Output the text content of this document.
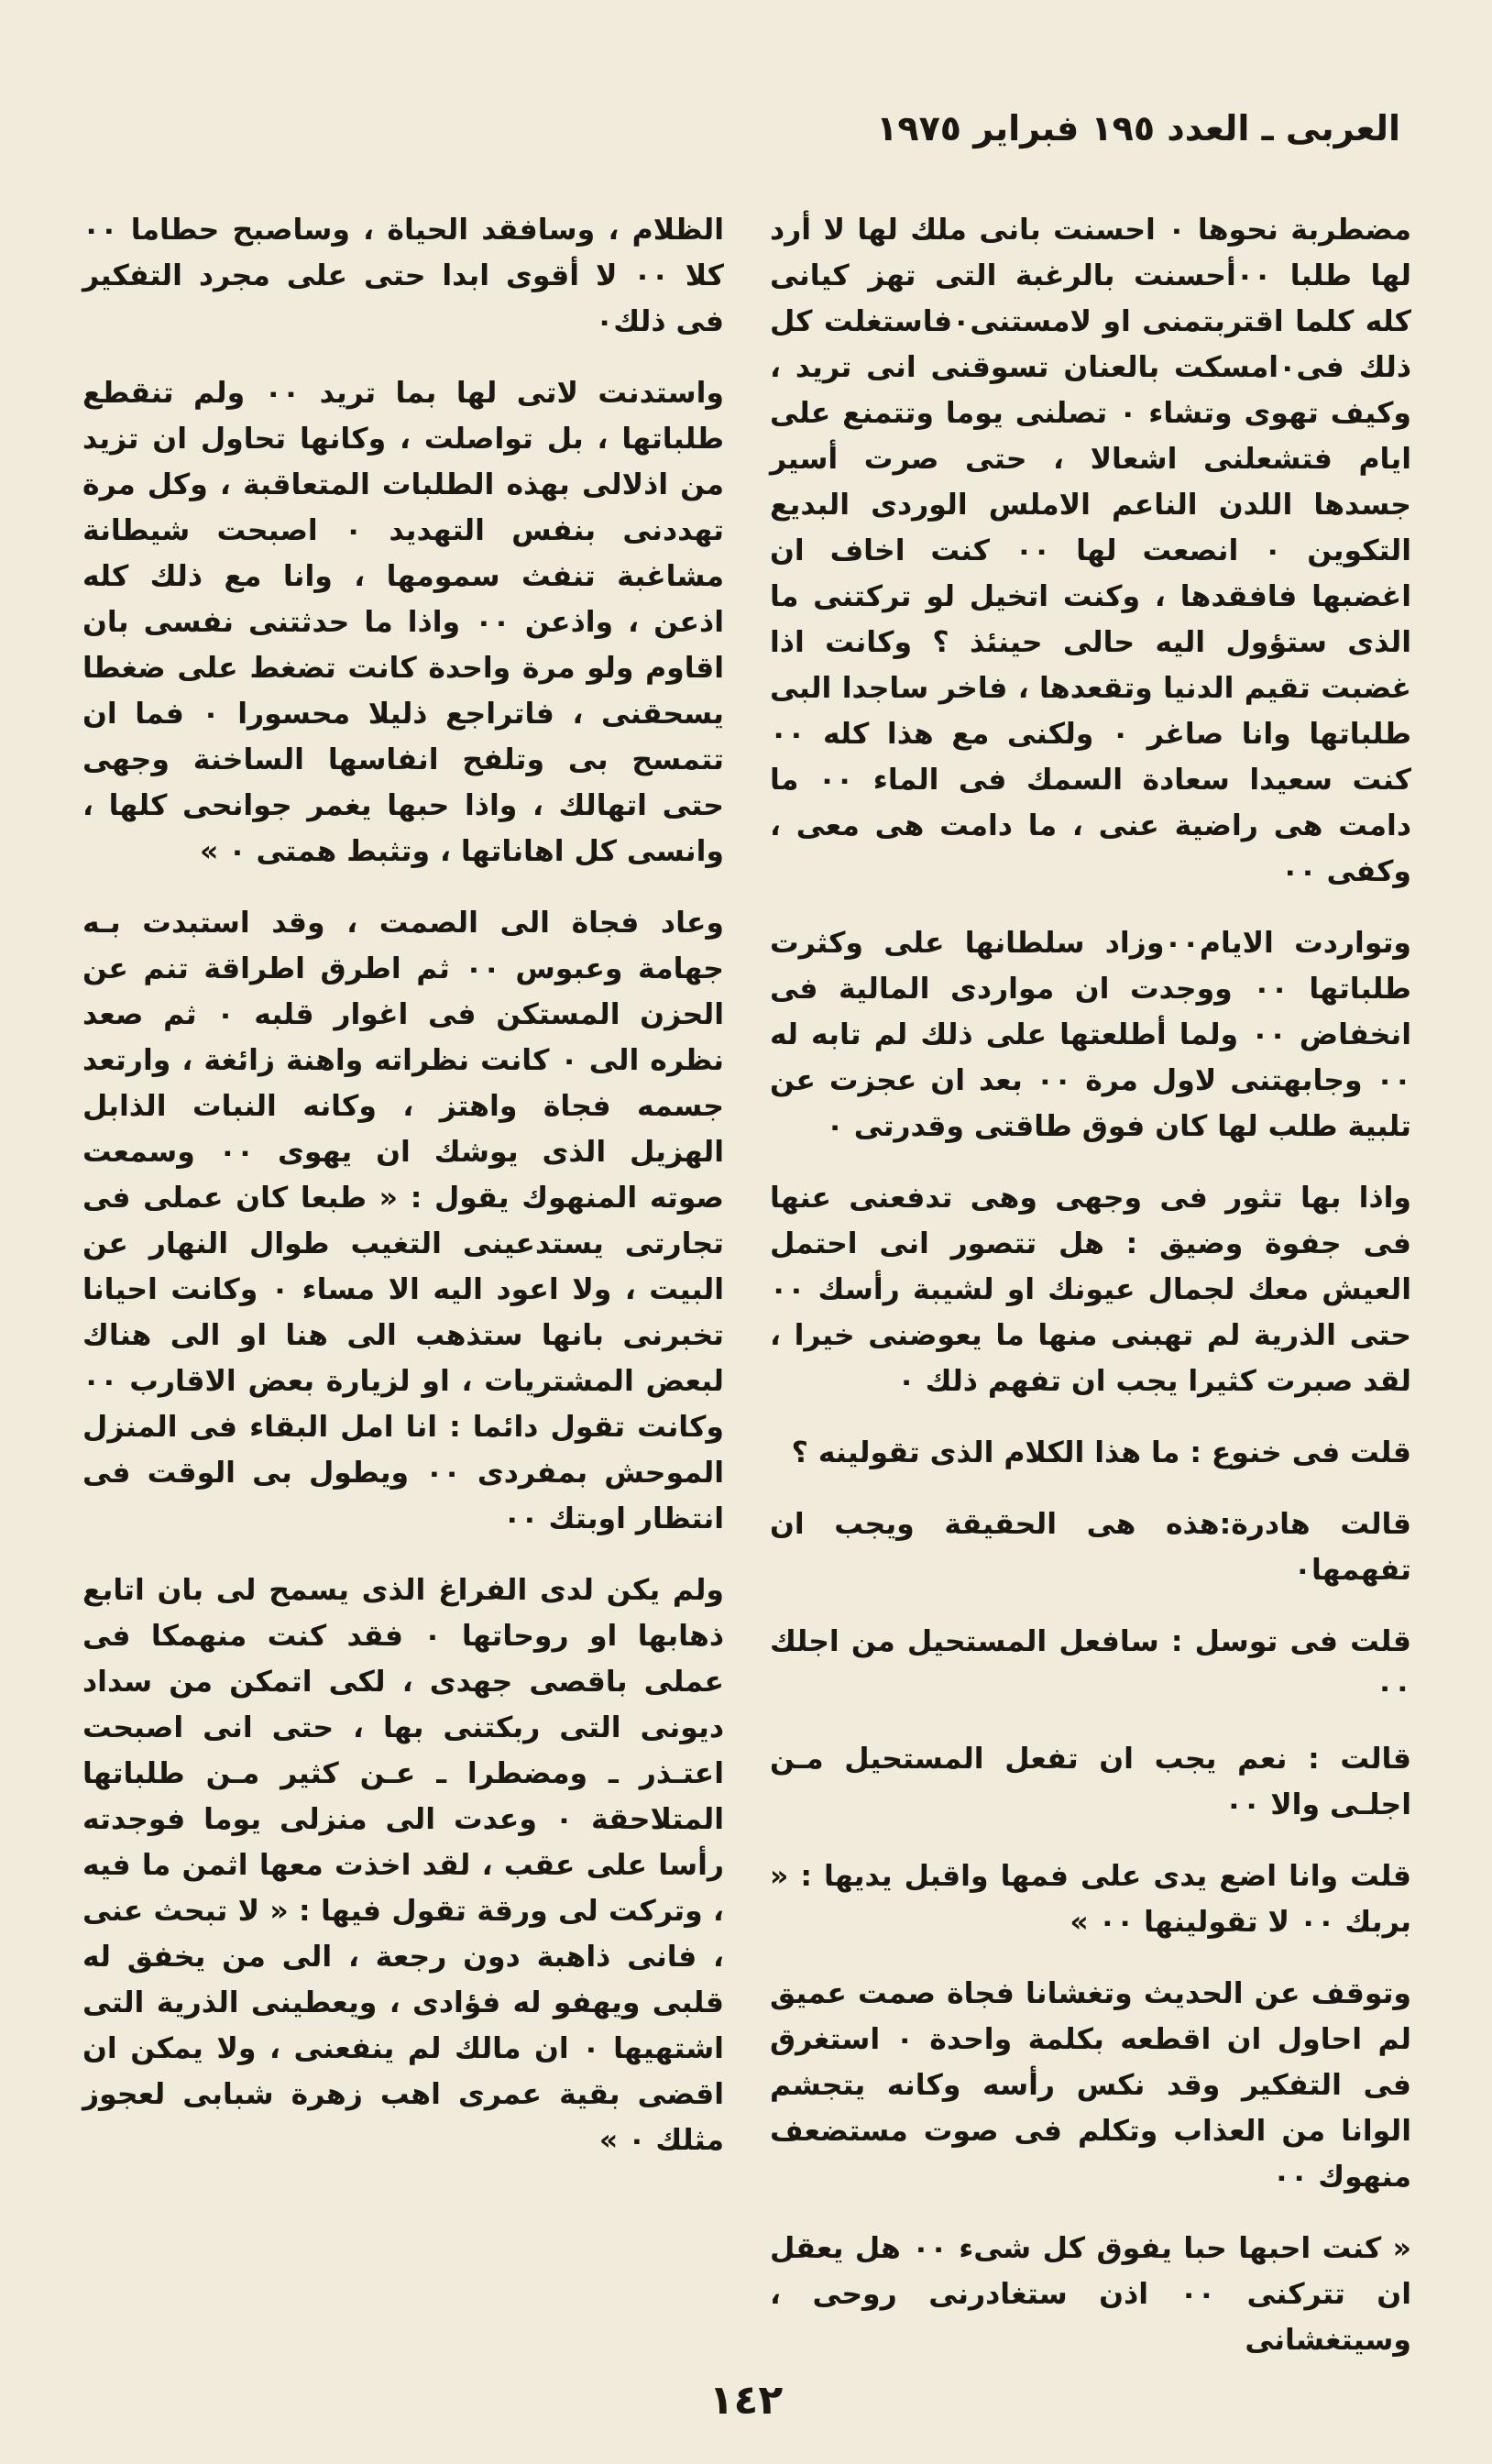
العربى ـ العدد ١٩٥ فبراير ١٩٧٥

مضطربة نحوها ٠ احسنت بانى ملك لها لا أرد لها طلبا ٠٠أحسنت بالرغبة التى تهز كيانى كله كلما اقتربتمنى او لامستنى٠فاستغلت كل ذلك فى٠امسكت بالعنان تسوقنى انى تريد ، وكيف تهوى وتشاء ٠ تصلنى يوما وتتمنع على ايام فتشعلنى اشعالا ، حتى صرت أسير جسدها اللدن الناعم الاملس الوردى البديع التكوين ٠ انصعت لها ٠٠ كنت اخاف ان اغضبها فافقدها ، وكنت اتخيل لو تركتنى ما الذى ستؤول اليه حالى حينئذ ؟ وكانت اذا غضبت تقيم الدنيا وتقعدها ، فاخر ساجدا البى طلباتها وانا صاغر ٠ ولكنى مع هذا كله ٠٠ كنت سعيدا سعادة السمك فى الماء ٠٠ ما دامت هى راضية عنى ، ما دامت هى معى ، وكفى ٠٠

وتواردت الايام٠٠وزاد سلطانها على وكثرت طلباتها ٠٠ ووجدت ان مواردى المالية فى انخفاض ٠٠ ولما أطلعتها على ذلك لم تابه له ٠٠ وجابهتنى لاول مرة ٠٠ بعد ان عجزت عن تلبية طلب لها كان فوق طاقتى وقدرتى ٠

واذا بها تثور فى وجهى وهى تدفعنى عنها فى جفوة وضيق : هل تتصور انى احتمل العيش معك لجمال عيونك او لشيبة رأسك ٠٠ حتى الذرية لم تهبنى منها ما يعوضنى خيرا ، لقد صبرت كثيرا يجب ان تفهم ذلك ٠

قلت فى خنوع : ما هذا الكلام الذى تقولينه ؟

قالت هادرة:هذه هى الحقيقة ويجب ان تفهمها٠

قلت فى توسل : سافعل المستحيل من اجلك ٠٠

قالت : نعم يجب ان تفعل المستحيل مـن اجلـى والا ٠٠

قلت وانا اضع يدى على فمها واقبل يديها : « بربك ٠٠ لا تقولينها ٠٠ »

وتوقف عن الحديث وتغشانا فجاة صمت عميق لم احاول ان اقطعه بكلمة واحدة ٠ استغرق فى التفكير وقد نكس رأسه وكانه يتجشم الوانا من العذاب وتكلم فى صوت مستضعف منهوك ٠٠

« كنت احبها حبا يفوق كل شىء ٠٠ هل يعقل ان تتركنى ٠٠ اذن ستغادرنى روحى ، وسيتغشانى

الظلام ، وسافقد الحياة ، وساصبح حطاما ٠٠ كلا ٠٠ لا أقوى ابدا حتى على مجرد التفكير فى ذلك٠

واستدنت لاتى لها بما تريد ٠٠ ولم تنقطع طلباتها ، بل تواصلت ، وكانها تحاول ان تزيد من اذلالى بهذه الطلبات المتعاقبة ، وكل مرة تهددنى بنفس التهديد ٠ اصبحت شيطانة مشاغبة تنفث سمومها ، وانا مع ذلك كله اذعن ، واذعن ٠٠ واذا ما حدثتنى نفسى بان اقاوم ولو مرة واحدة كانت تضغط على ضغطا يسحقنى ، فاتراجع ذليلا محسورا ٠ فما ان تتمسح بى وتلفح انفاسها الساخنة وجهى حتى اتهالك ، واذا حبها يغمر جوانحى كلها ، وانسى كل اهاناتها ، وتثبط همتى ٠ »

وعاد فجاة الى الصمت ، وقد استبدت بـه جهامة وعبوس ٠٠ ثم اطرق اطراقة تنم عن الحزن المستكن فى اغوار قلبه ٠ ثم صعد نظره الى ٠ كانت نظراته واهنة زائغة ، وارتعد جسمه فجاة واهتز ، وكانه النبات الذابل الهزيل الذى يوشك ان يهوى ٠٠ وسمعت صوته المنهوك يقول : « طبعا كان عملى فى تجارتى يستدعينى التغيب طوال النهار عن البيت ، ولا اعود اليه الا مساء ٠ وكانت احيانا تخبرنى بانها ستذهب الى هنا او الى هناك لبعض المشتريات ، او لزيارة بعض الاقارب ٠٠ وكانت تقول دائما : انا امل البقاء فى المنزل الموحش بمفردى ٠٠ ويطول بى الوقت فى انتظار اوبتك ٠٠

ولم يكن لدى الفراغ الذى يسمح لى بان اتابع ذهابها او روحاتها ٠ فقد كنت منهمكا فى عملى باقصى جهدى ، لكى اتمكن من سداد ديونى التى ربكتنى بها ، حتى انى اصبحت اعتـذر ـ ومضطرا ـ عـن كثير مـن طلباتها المتلاحقة ٠ وعدت الى منزلى يوما فوجدته رأسا على عقب ، لقد اخذت معها اثمن ما فيه ، وتركت لى ورقة تقول فيها : « لا تبحث عنى ، فانى ذاهبة دون رجعة ، الى من يخفق له قلبى ويهفو له فؤادى ، ويعطينى الذرية التى اشتهيها ٠ ان مالك لم ينفعنى ، ولا يمكن ان اقضى بقية عمرى اهب زهرة شبابى لعجوز مثلك ٠ »

١٤٢
